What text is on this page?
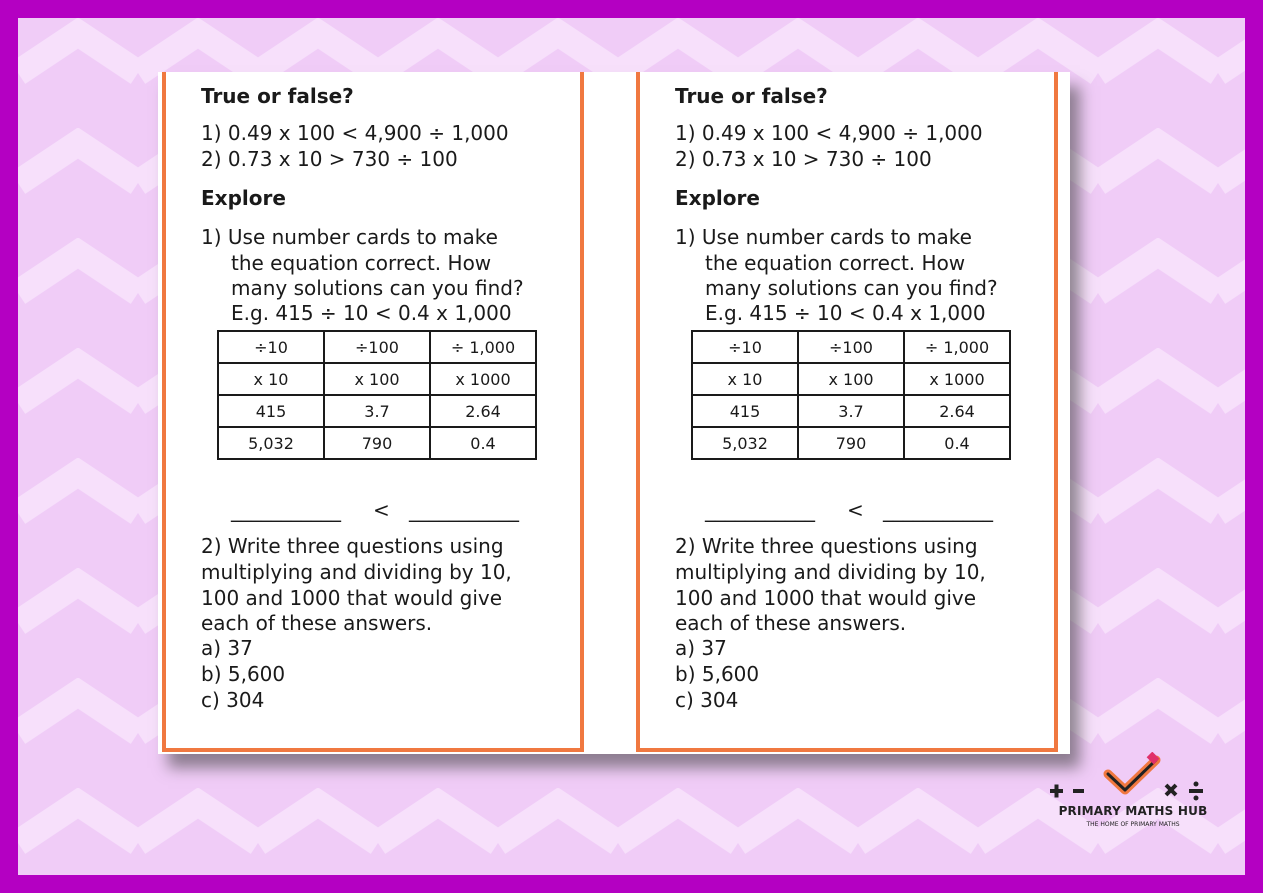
True or false?
1) 0.49 x 100 < 4,900 ÷ 1,000
2) 0.73 x 10 > 730 ÷ 100
Explore
1) Use number cards to make
the equation correct. How
many solutions can you find?
E.g. 415 ÷ 10 < 0.4 x 1,000
÷10	÷100	÷ 1,000
x 10	x 100	x 1000
415	3.7	2.64
5,032	790	0.4
___________ < ___________
2) Write three questions using
multiplying and dividing by 10,
100 and 1000 that would give
each of these answers.
a) 37
b) 5,600
c) 304
True or false?
1) 0.49 x 100 < 4,900 ÷ 1,000
2) 0.73 x 10 > 730 ÷ 100
Explore
1) Use number cards to make
the equation correct. How
many solutions can you find?
E.g. 415 ÷ 10 < 0.4 x 1,000
÷10	÷100	÷ 1,000
x 10	x 100	x 1000
415	3.7	2.64
5,032	790	0.4
___________ < ___________
2) Write three questions using
multiplying and dividing by 10,
100 and 1000 that would give
each of these answers.
a) 37
b) 5,600
c) 304
PRIMARY MATHS HUB
THE HOME OF PRIMARY MATHS
